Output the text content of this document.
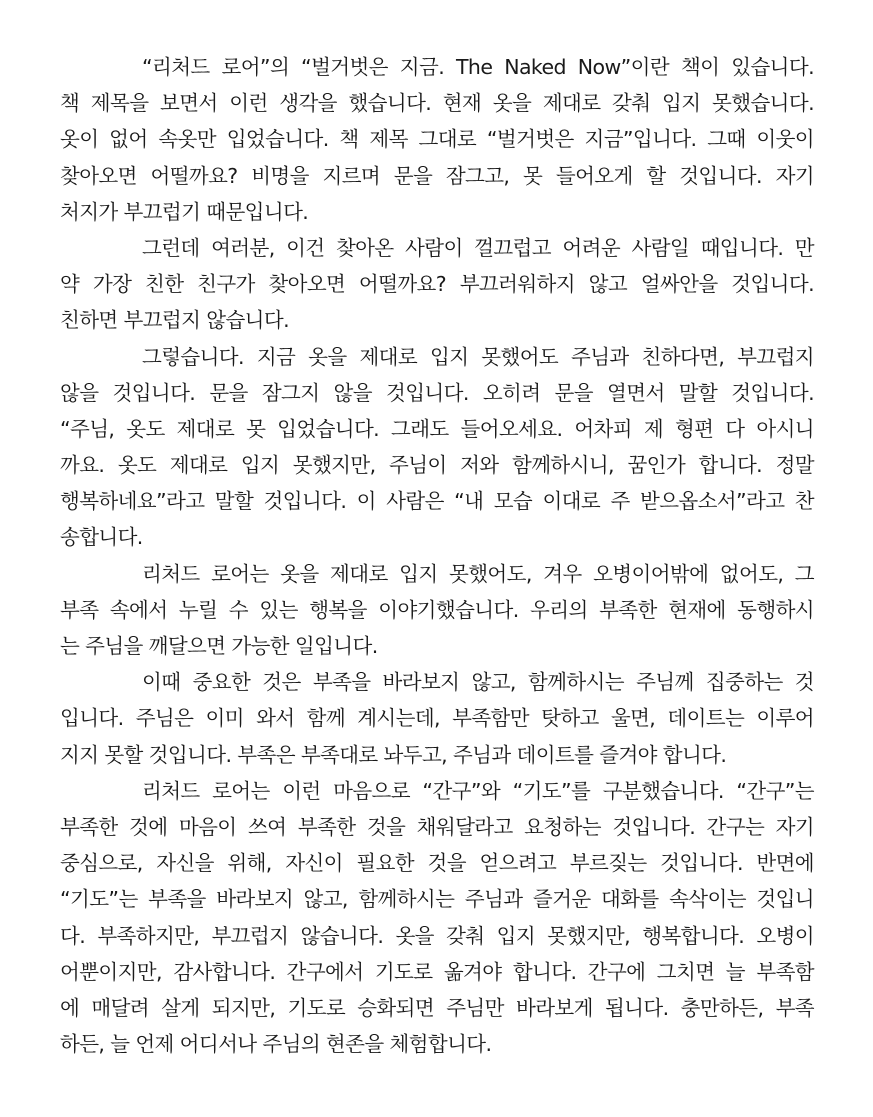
“리처드 로어”의 “벌거벗은 지금. The Naked Now”이란 책이 있습니다.
책 제목을 보면서 이런 생각을 했습니다. 현재 옷을 제대로 갖춰 입지 못했습니다.
옷이 없어 속옷만 입었습니다. 책 제목 그대로 “벌거벗은 지금”입니다. 그때 이웃이
찾아오면 어떨까요? 비명을 지르며 문을 잠그고, 못 들어오게 할 것입니다. 자기
처지가 부끄럽기 때문입니다.
그런데 여러분, 이건 찾아온 사람이 껄끄럽고 어려운 사람일 때입니다. 만
약 가장 친한 친구가 찾아오면 어떨까요? 부끄러워하지 않고 얼싸안을 것입니다.
친하면 부끄럽지 않습니다.
그렇습니다. 지금 옷을 제대로 입지 못했어도 주님과 친하다면, 부끄럽지
않을 것입니다. 문을 잠그지 않을 것입니다. 오히려 문을 열면서 말할 것입니다.
“주님, 옷도 제대로 못 입었습니다. 그래도 들어오세요. 어차피 제 형편 다 아시니
까요. 옷도 제대로 입지 못했지만, 주님이 저와 함께하시니, 꿈인가 합니다. 정말
행복하네요”라고 말할 것입니다. 이 사람은 “내 모습 이대로 주 받으옵소서”라고 찬
송합니다.
리처드 로어는 옷을 제대로 입지 못했어도, 겨우 오병이어밖에 없어도, 그
부족 속에서 누릴 수 있는 행복을 이야기했습니다. 우리의 부족한 현재에 동행하시
는 주님을 깨달으면 가능한 일입니다.
이때 중요한 것은 부족을 바라보지 않고, 함께하시는 주님께 집중하는 것
입니다. 주님은 이미 와서 함께 계시는데, 부족함만 탓하고 울면, 데이트는 이루어
지지 못할 것입니다. 부족은 부족대로 놔두고, 주님과 데이트를 즐겨야 합니다.
리처드 로어는 이런 마음으로 “간구”와 “기도”를 구분했습니다. “간구”는
부족한 것에 마음이 쓰여 부족한 것을 채워달라고 요청하는 것입니다. 간구는 자기
중심으로, 자신을 위해, 자신이 필요한 것을 얻으려고 부르짖는 것입니다. 반면에
“기도”는 부족을 바라보지 않고, 함께하시는 주님과 즐거운 대화를 속삭이는 것입니
다. 부족하지만, 부끄럽지 않습니다. 옷을 갖춰 입지 못했지만, 행복합니다. 오병이
어뿐이지만, 감사합니다. 간구에서 기도로 옮겨야 합니다. 간구에 그치면 늘 부족함
에 매달려 살게 되지만, 기도로 승화되면 주님만 바라보게 됩니다. 충만하든, 부족
하든, 늘 언제 어디서나 주님의 현존을 체험합니다.
